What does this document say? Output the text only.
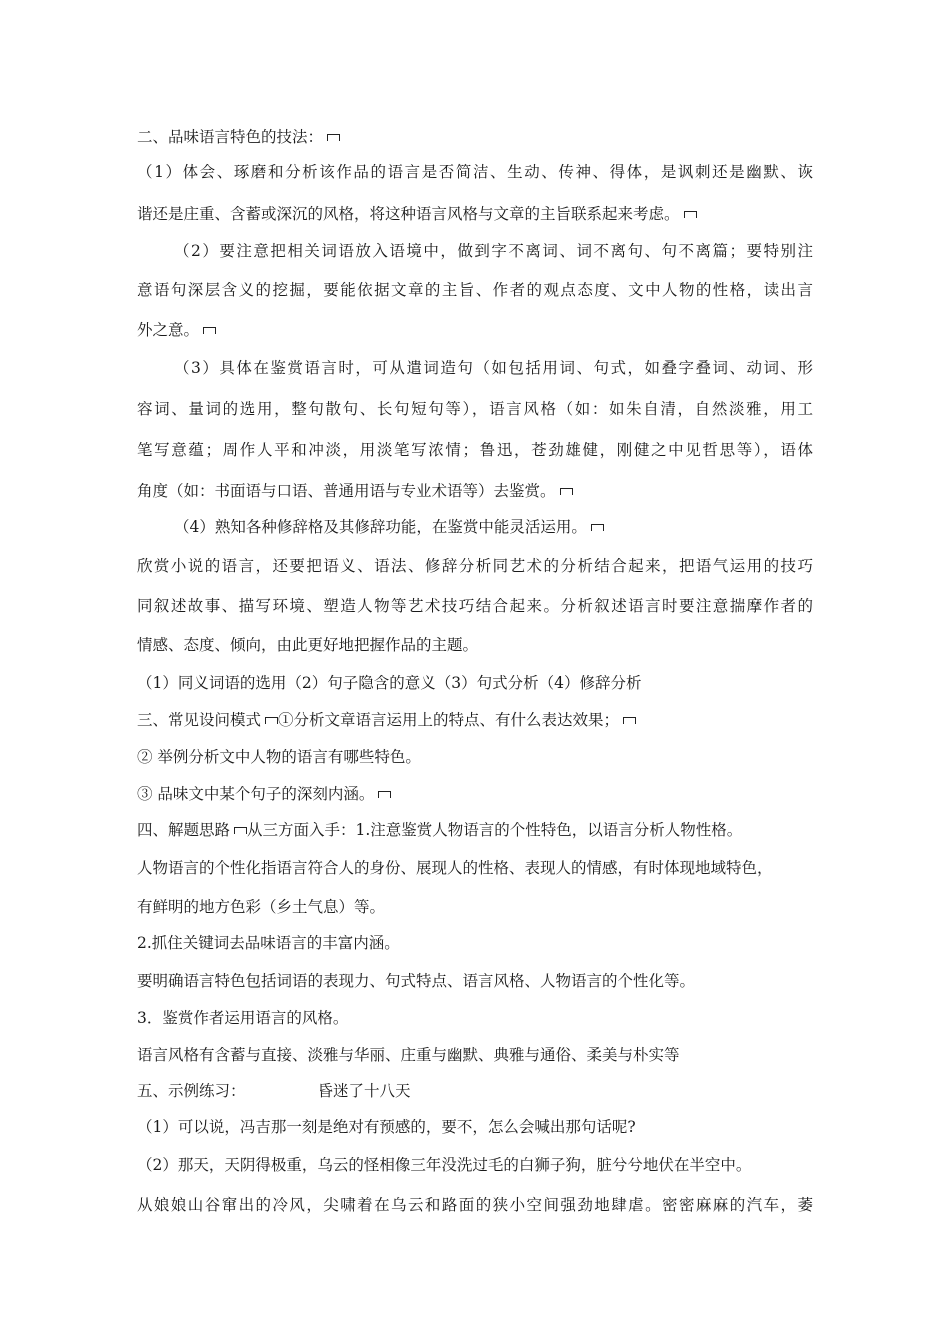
二、品味语言特色的技法：
（1）体会、琢磨和分析该作品的语言是否简洁、生动、传神、得体，是讽刺还是幽默、诙
谐还是庄重、含蓄或深沉的风格，将这种语言风格与文章的主旨联系起来考虑。
（2）要注意把相关词语放入语境中，做到字不离词、词不离句、句不离篇；要特别注
意语句深层含义的挖掘，要能依据文章的主旨、作者的观点态度、文中人物的性格，读出言
外之意。
（3）具体在鉴赏语言时，可从遣词造句（如包括用词、句式，如叠字叠词、动词、形
容词、量词的选用，整句散句、长句短句等），语言风格（如：如朱自清，自然淡雅，用工
笔写意蕴；周作人平和冲淡，用淡笔写浓情；鲁迅，苍劲雄健，刚健之中见哲思等），语体
角度（如：书面语与口语、普通用语与专业术语等）去鉴赏。
（4）熟知各种修辞格及其修辞功能，在鉴赏中能灵活运用。
欣赏小说的语言，还要把语义、语法、修辞分析同艺术的分析结合起来，把语气运用的技巧
同叙述故事、描写环境、塑造人物等艺术技巧结合起来。分析叙述语言时要注意揣摩作者的
情感、态度、倾向，由此更好地把握作品的主题。
（1）同义词语的选用（2）句子隐含的意义（3）句式分析（4）修辞分析
三、常见设问模式 ①分析文章语言运用上的特点、有什么表达效果；
② 举例分析文中人物的语言有哪些特色。
③ 品味文中某个句子的深刻内涵。
四、解题思路 从三方面入手：1.注意鉴赏人物语言的个性特色，以语言分析人物性格。
人物语言的个性化指语言符合人的身份、展现人的性格、表现人的情感，有时体现地域特色，
有鲜明的地方色彩（乡土气息）等。
2.抓住关键词去品味语言的丰富内涵。
要明确语言特色包括词语的表现力、句式特点、语言风格、人物语言的个性化等。
3．鉴赏作者运用语言的风格。
语言风格有含蓄与直接、淡雅与华丽、庄重与幽默、典雅与通俗、柔美与朴实等
五、示例练习：	昏迷了十八天
（1）可以说，冯吉那一刻是绝对有预感的，要不，怎么会喊出那句话呢?
（2）那天，天阴得极重，乌云的怪相像三年没洗过毛的白狮子狗，脏兮兮地伏在半空中。
从娘娘山谷窜出的冷风，尖啸着在乌云和路面的狭小空间强劲地肆虐。密密麻麻的汽车，萎
